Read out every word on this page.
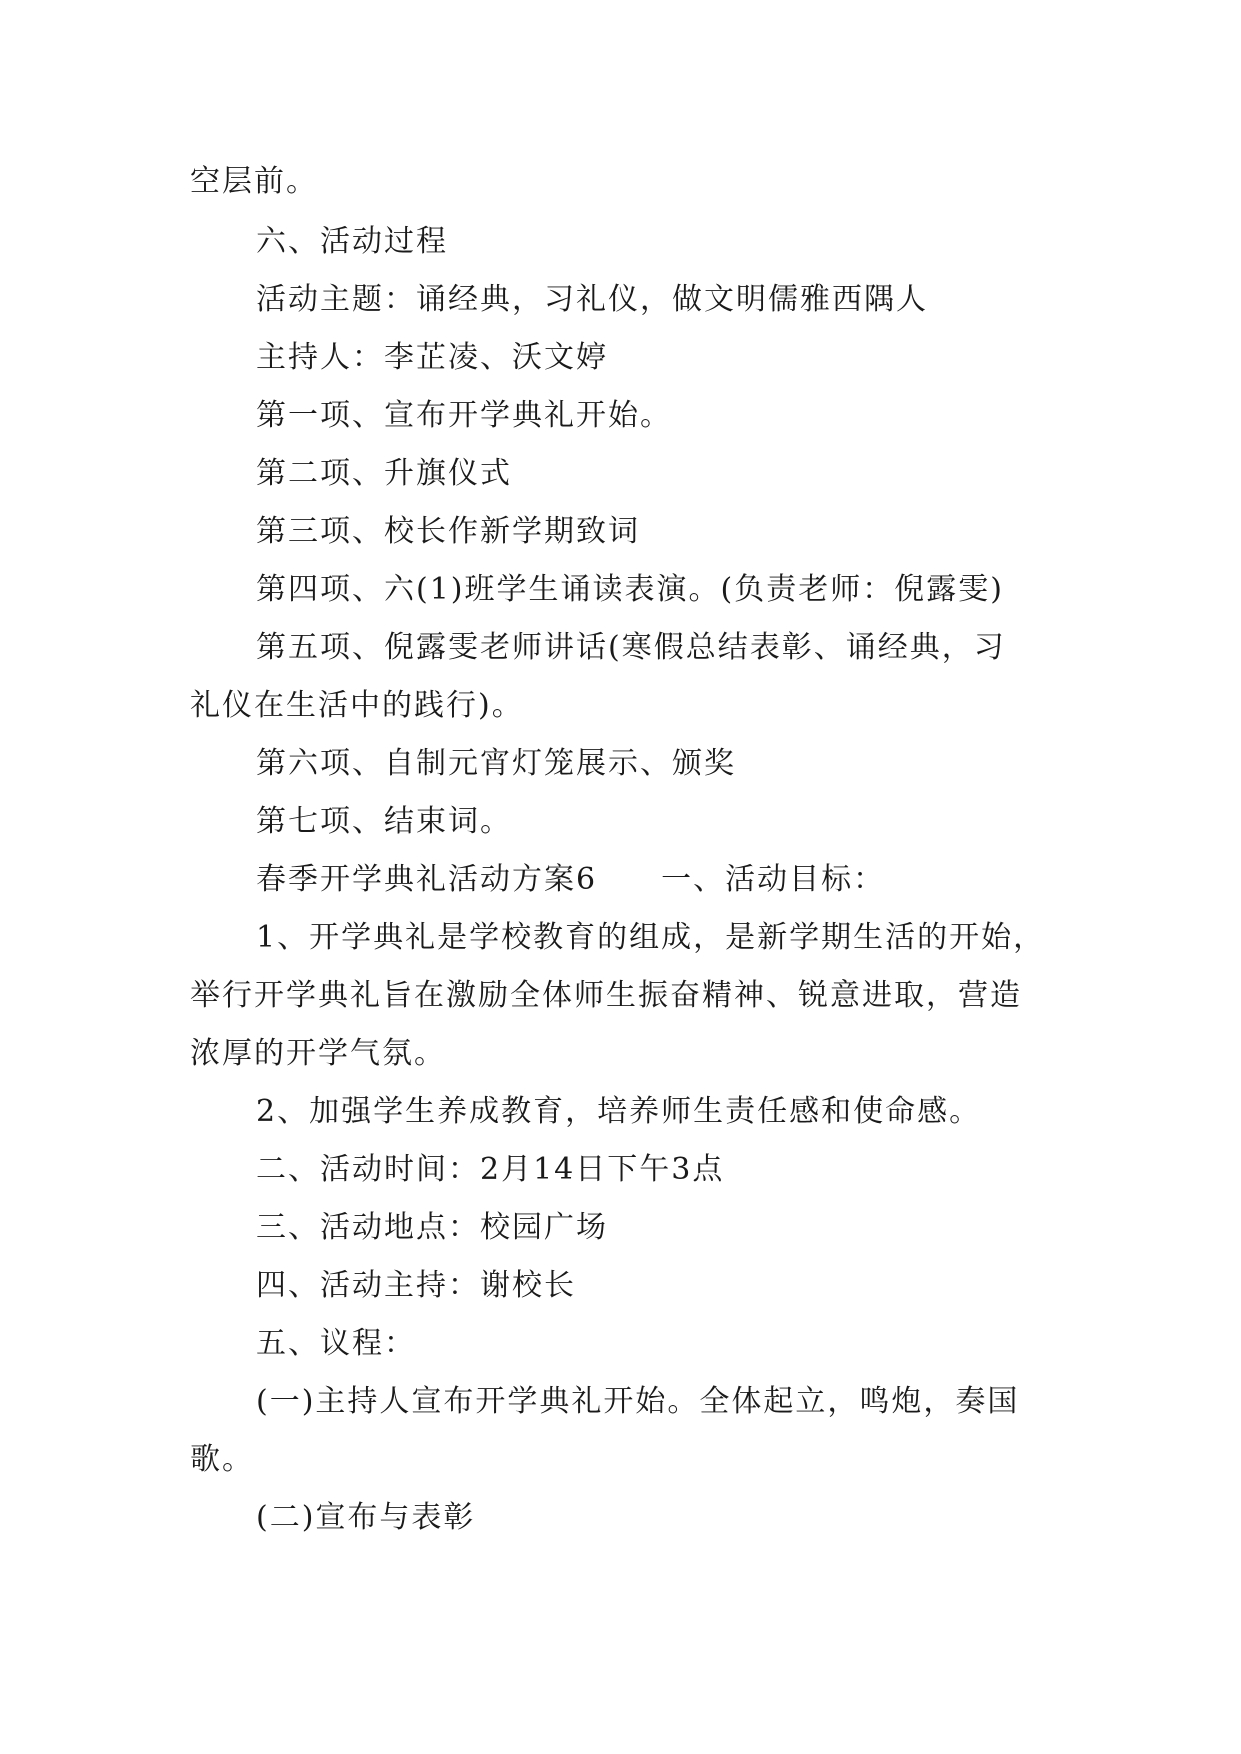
空层前。

六、活动过程

活动主题：诵经典，习礼仪，做文明儒雅西隅人

主持人：李芷凌、沃文婷

第一项、宣布开学典礼开始。

第二项、升旗仪式

第三项、校长作新学期致词

第四项、六(1)班学生诵读表演。(负责老师：倪露雯)

第五项、倪露雯老师讲话(寒假总结表彰、诵经典，习

礼仪在生活中的践行)。

第六项、自制元宵灯笼展示、颁奖

第七项、结束词。

春季开学典礼活动方案6　　一、活动目标：

1、开学典礼是学校教育的组成，是新学期生活的开始，

举行开学典礼旨在激励全体师生振奋精神、锐意进取，营造

浓厚的开学气氛。

2、加强学生养成教育，培养师生责任感和使命感。

二、活动时间：2月14日下午3点

三、活动地点：校园广场

四、活动主持：谢校长

五、议程：

(一)主持人宣布开学典礼开始。全体起立，鸣炮，奏国

歌。

(二)宣布与表彰
